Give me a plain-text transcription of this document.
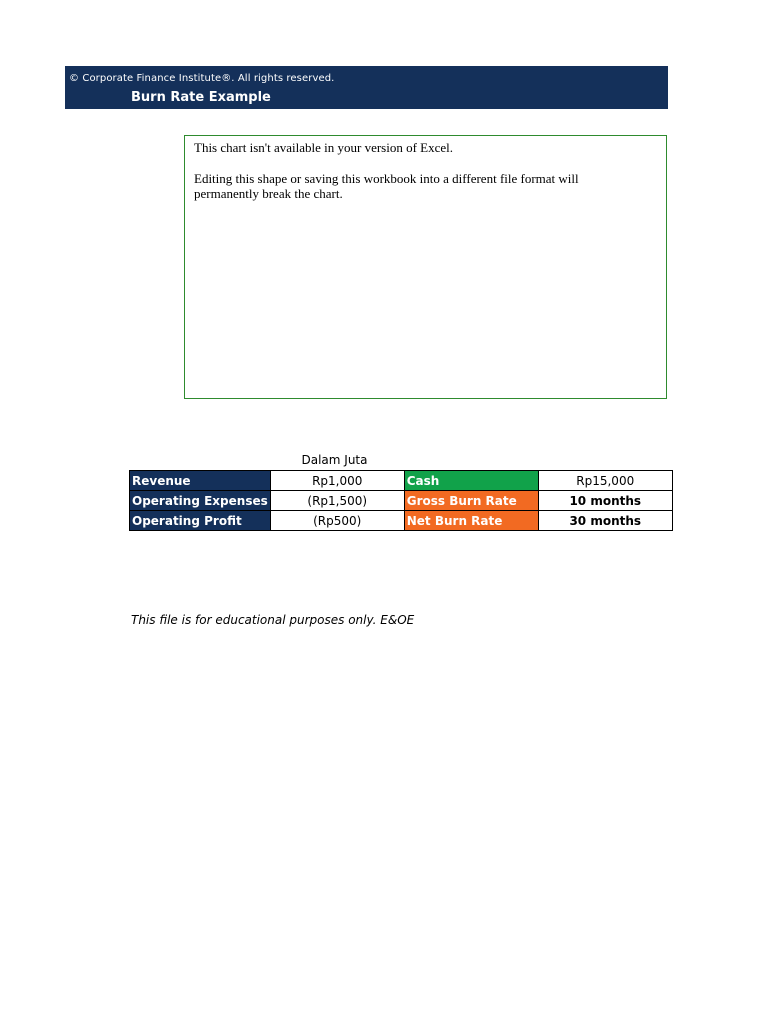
© Corporate Finance Institute®. All rights reserved.
Burn Rate Example
This chart isn't available in your version of Excel.
Editing this shape or saving this workbook into a different file format will permanently break the chart.
Dalam Juta
Revenue	Rp1,000	Cash	Rp15,000
Operating Expenses	(Rp1,500)	Gross Burn Rate	10 months
Operating Profit	(Rp500)	Net Burn Rate	30 months
This file is for educational purposes only. E&OE
